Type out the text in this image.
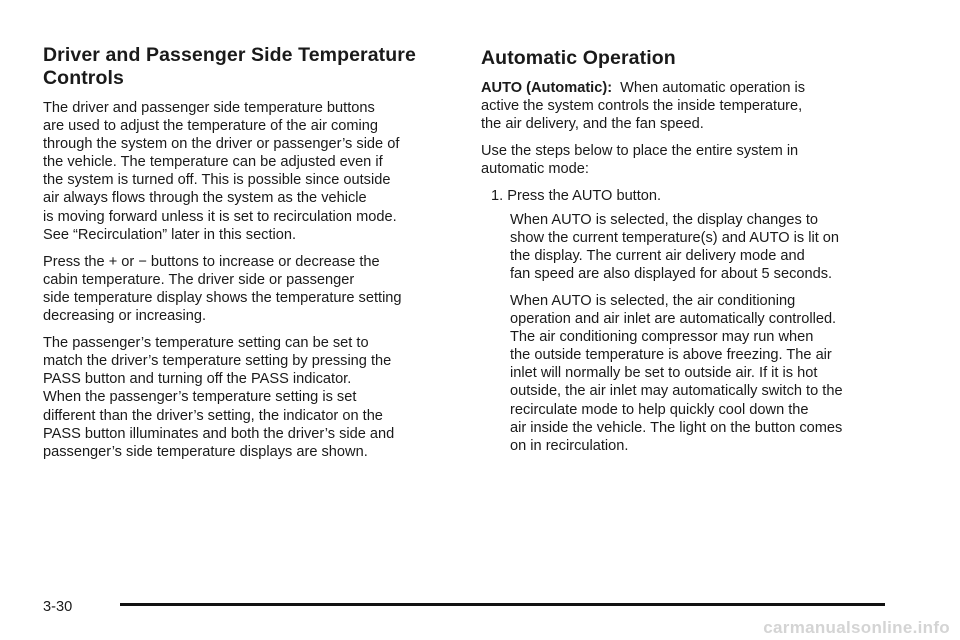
Driver and Passenger Side Temperature
Controls

The driver and passenger side temperature buttons
are used to adjust the temperature of the air coming
through the system on the driver or passenger’s side of
the vehicle. The temperature can be adjusted even if
the system is turned off. This is possible since outside
air always flows through the system as the vehicle
is moving forward unless it is set to recirculation mode.
See “Recirculation” later in this section.

Press the + or − buttons to increase or decrease the
cabin temperature. The driver side or passenger
side temperature display shows the temperature setting
decreasing or increasing.

The passenger’s temperature setting can be set to
match the driver’s temperature setting by pressing the
PASS button and turning off the PASS indicator.
When the passenger’s temperature setting is set
different than the driver’s setting, the indicator on the
PASS button illuminates and both the driver’s side and
passenger’s side temperature displays are shown.

Automatic Operation

AUTO (Automatic): When automatic operation is
active the system controls the inside temperature,
the air delivery, and the fan speed.

Use the steps below to place the entire system in
automatic mode:

1. Press the AUTO button.

When AUTO is selected, the display changes to
show the current temperature(s) and AUTO is lit on
the display. The current air delivery mode and
fan speed are also displayed for about 5 seconds.

When AUTO is selected, the air conditioning
operation and air inlet are automatically controlled.
The air conditioning compressor may run when
the outside temperature is above freezing. The air
inlet will normally be set to outside air. If it is hot
outside, the air inlet may automatically switch to the
recirculate mode to help quickly cool down the
air inside the vehicle. The light on the button comes
on in recirculation.

3-30
carmanualsonline.info
